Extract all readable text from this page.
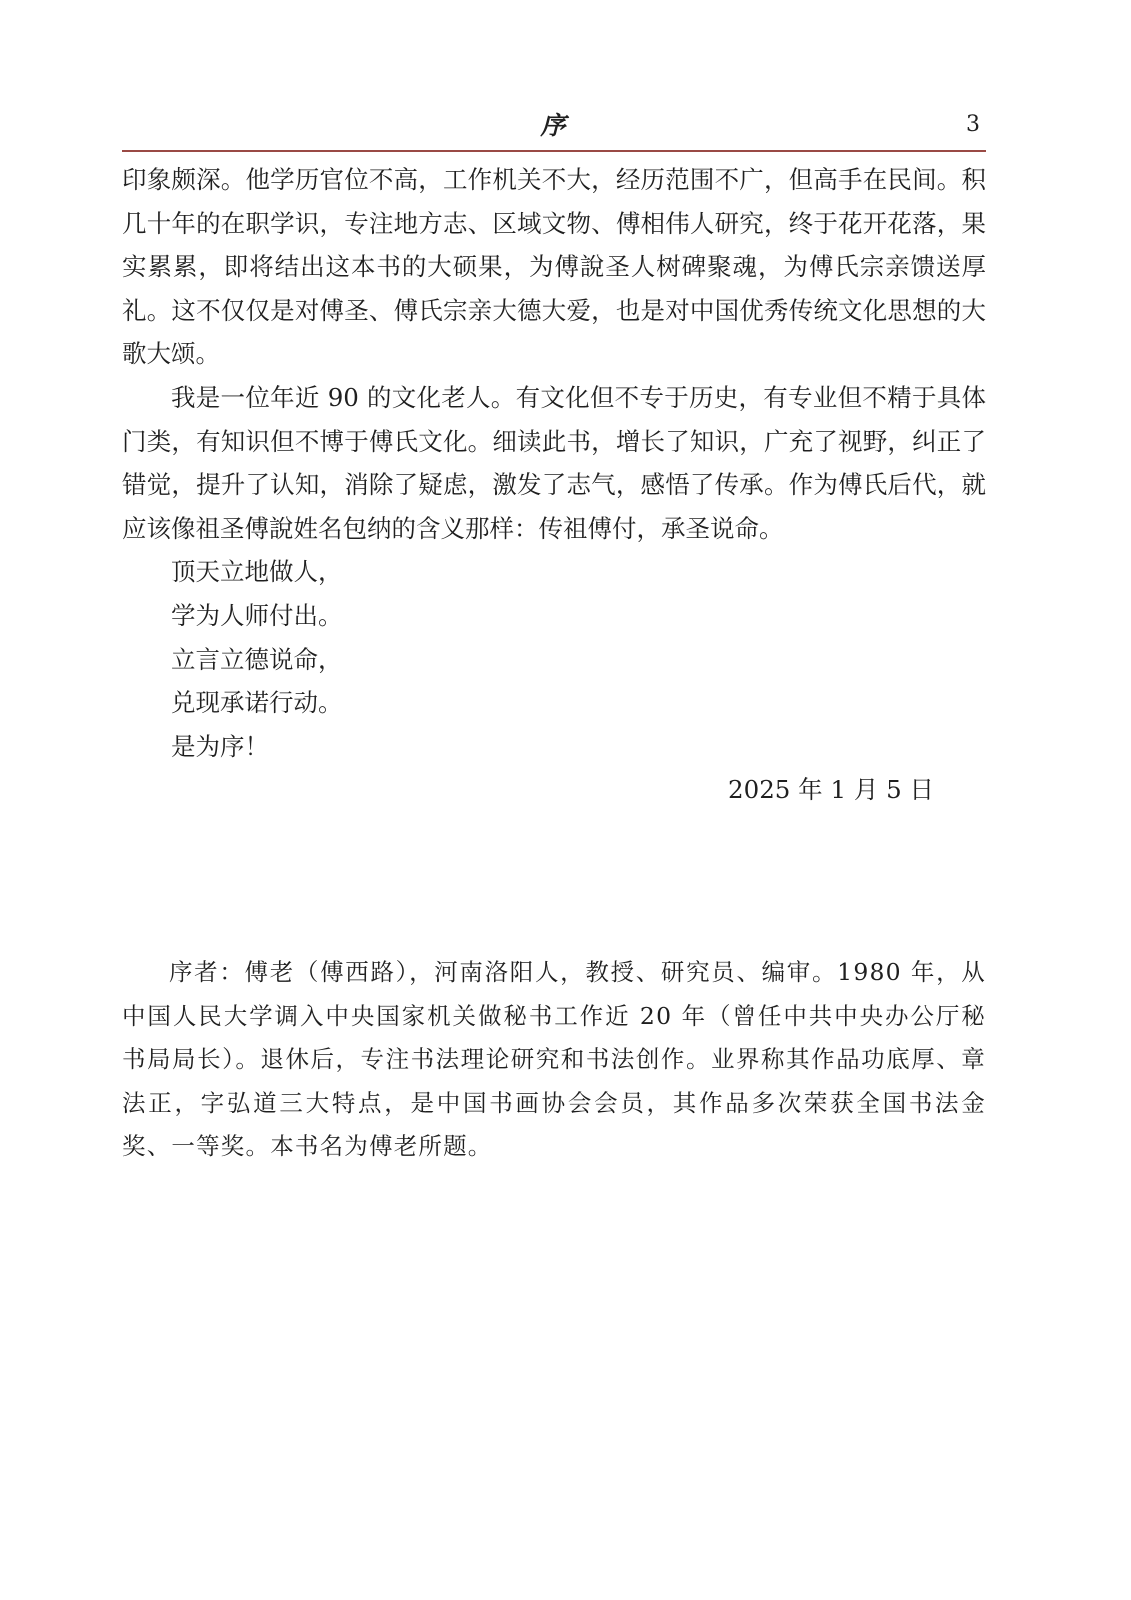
序	3

印象颇深。他学历官位不高，工作机关不大，经历范围不广，但高手在民间。积几十年的在职学识，专注地方志、区域文物、傅相伟人研究，终于花开花落，果实累累，即将结出这本书的大硕果，为傅說圣人树碑聚魂，为傅氏宗亲馈送厚礼。这不仅仅是对傅圣、傅氏宗亲大德大爱，也是对中国优秀传统文化思想的大歌大颂。

我是一位年近 90 的文化老人。有文化但不专于历史，有专业但不精于具体门类，有知识但不博于傅氏文化。细读此书，增长了知识，广充了视野，纠正了错觉，提升了认知，消除了疑虑，激发了志气，感悟了传承。作为傅氏后代，就应该像祖圣傅說姓名包纳的含义那样：传祖傅付，承圣说命。

顶天立地做人，

学为人师付出。

立言立德说命，

兑现承诺行动。

是为序！

2025 年 1 月 5 日

序者：傅老（傅西路），河南洛阳人，教授、研究员、编审。1980 年，从中国人民大学调入中央国家机关做秘书工作近 20 年（曾任中共中央办公厅秘书局局长）。退休后，专注书法理论研究和书法创作。业界称其作品功底厚、章法正，字弘道三大特点，是中国书画协会会员，其作品多次荣获全国书法金奖、一等奖。本书名为傅老所题。
